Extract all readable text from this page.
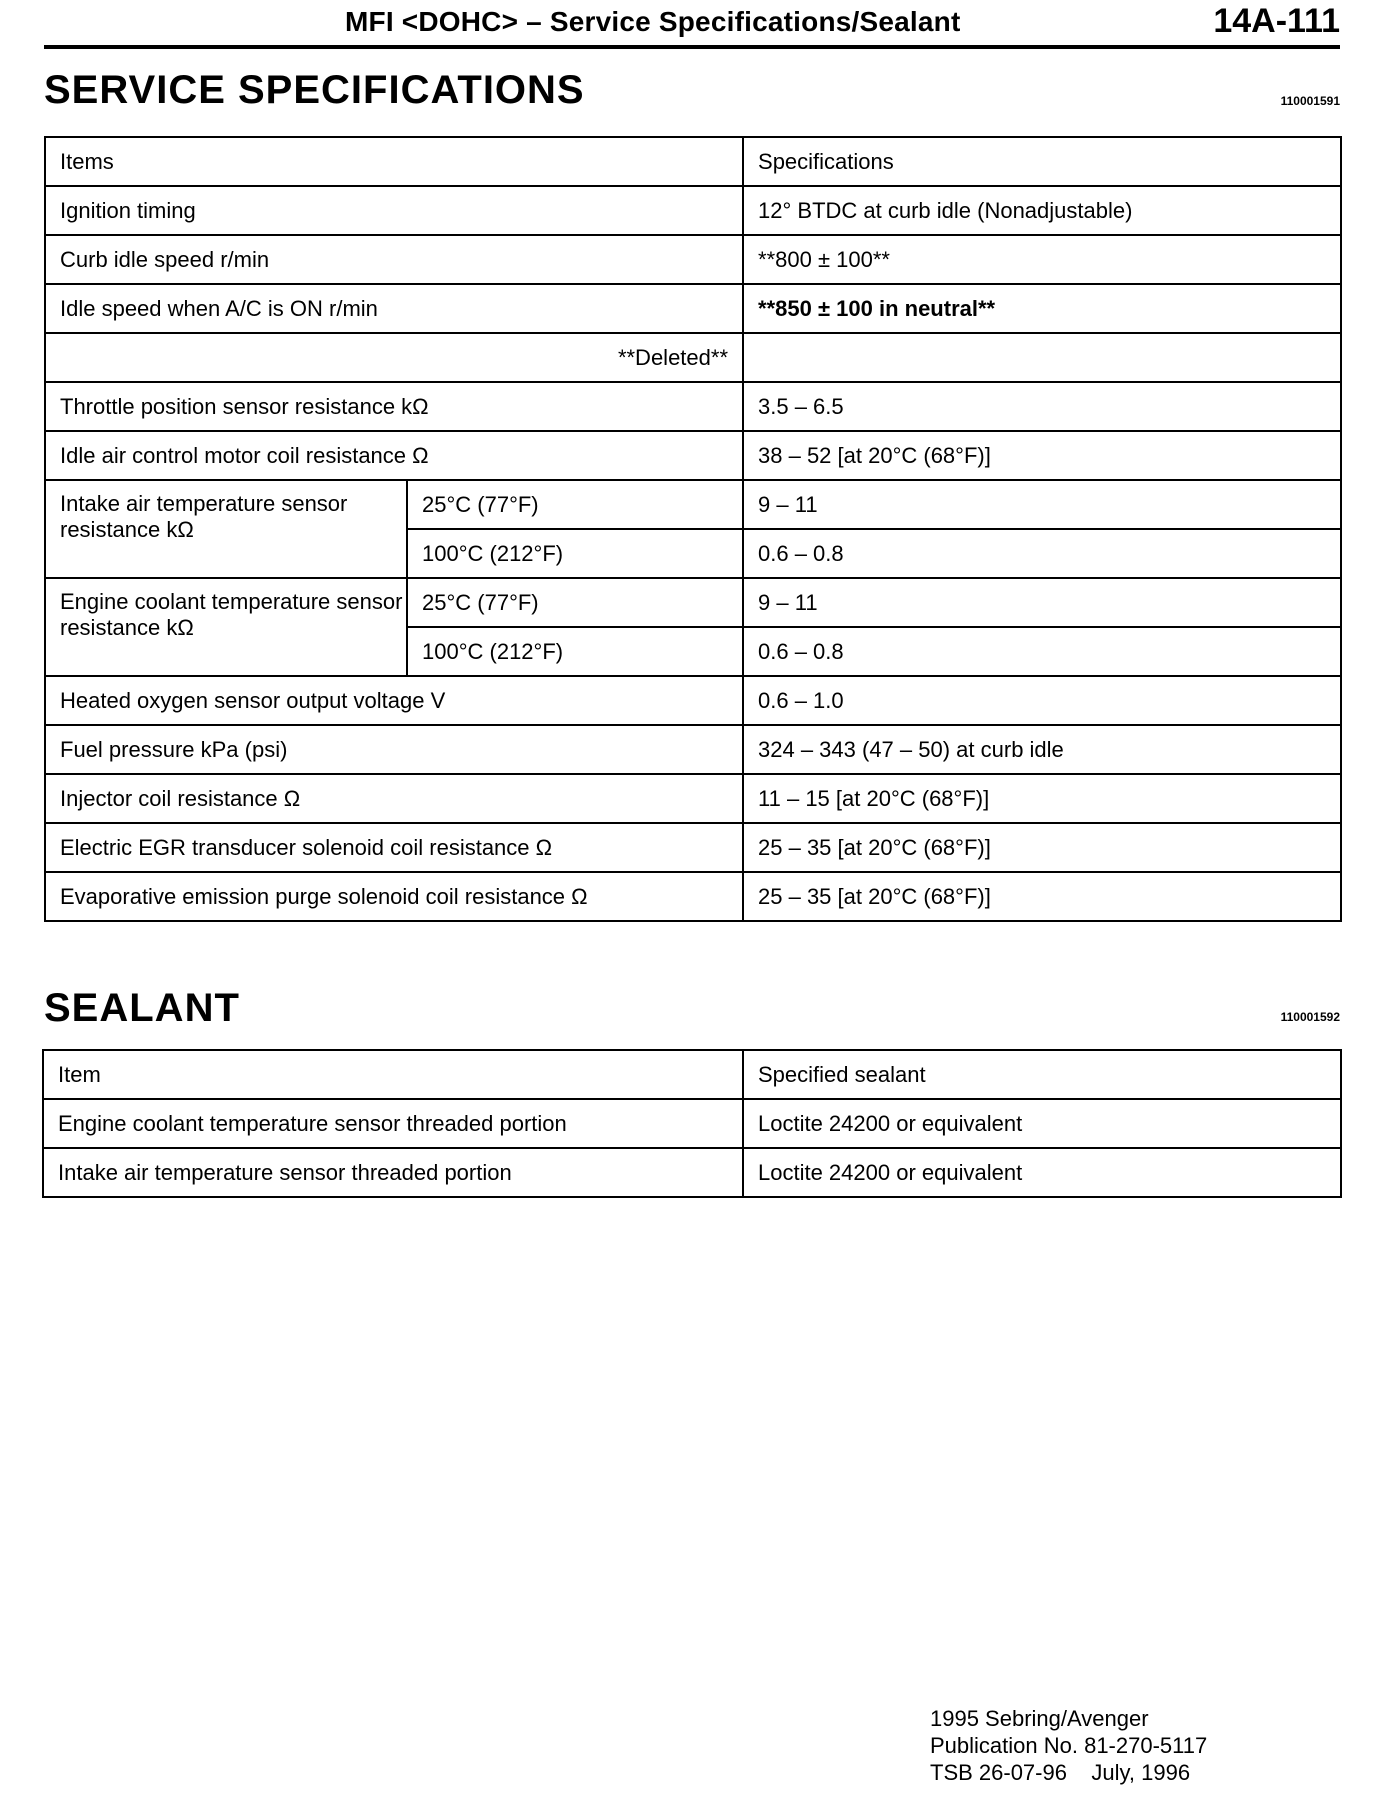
MFI <DOHC> – Service Specifications/Sealant	14A-111
SERVICE SPECIFICATIONS	110001591
Items		Specifications
Ignition timing		12° BTDC at curb idle (Nonadjustable)
Curb idle speed r/min		**800 ± 100**
Idle speed when A/C is ON r/min		**850 ± 100 in neutral**
**Deleted**		
Throttle position sensor resistance kΩ		3.5 – 6.5
Idle air control motor coil resistance Ω		38 – 52 [at 20°C (68°F)]
Intake air temperature sensor resistance kΩ	25°C (77°F)	9 – 11
	100°C (212°F)	0.6 – 0.8
Engine coolant temperature sensor resistance kΩ	25°C (77°F)	9 – 11
	100°C (212°F)	0.6 – 0.8
Heated oxygen sensor output voltage V		0.6 – 1.0
Fuel pressure kPa (psi)		324 – 343 (47 – 50) at curb idle
Injector coil resistance Ω		11 – 15 [at 20°C (68°F)]
Electric EGR transducer solenoid coil resistance Ω		25 – 35 [at 20°C (68°F)]
Evaporative emission purge solenoid coil resistance Ω		25 – 35 [at 20°C (68°F)]
SEALANT	110001592
Item	Specified sealant
Engine coolant temperature sensor threaded portion	Loctite 24200 or equivalent
Intake air temperature sensor threaded portion	Loctite 24200 or equivalent
1995 Sebring/Avenger
Publication No. 81-270-5117
TSB 26-07-96    July, 1996
